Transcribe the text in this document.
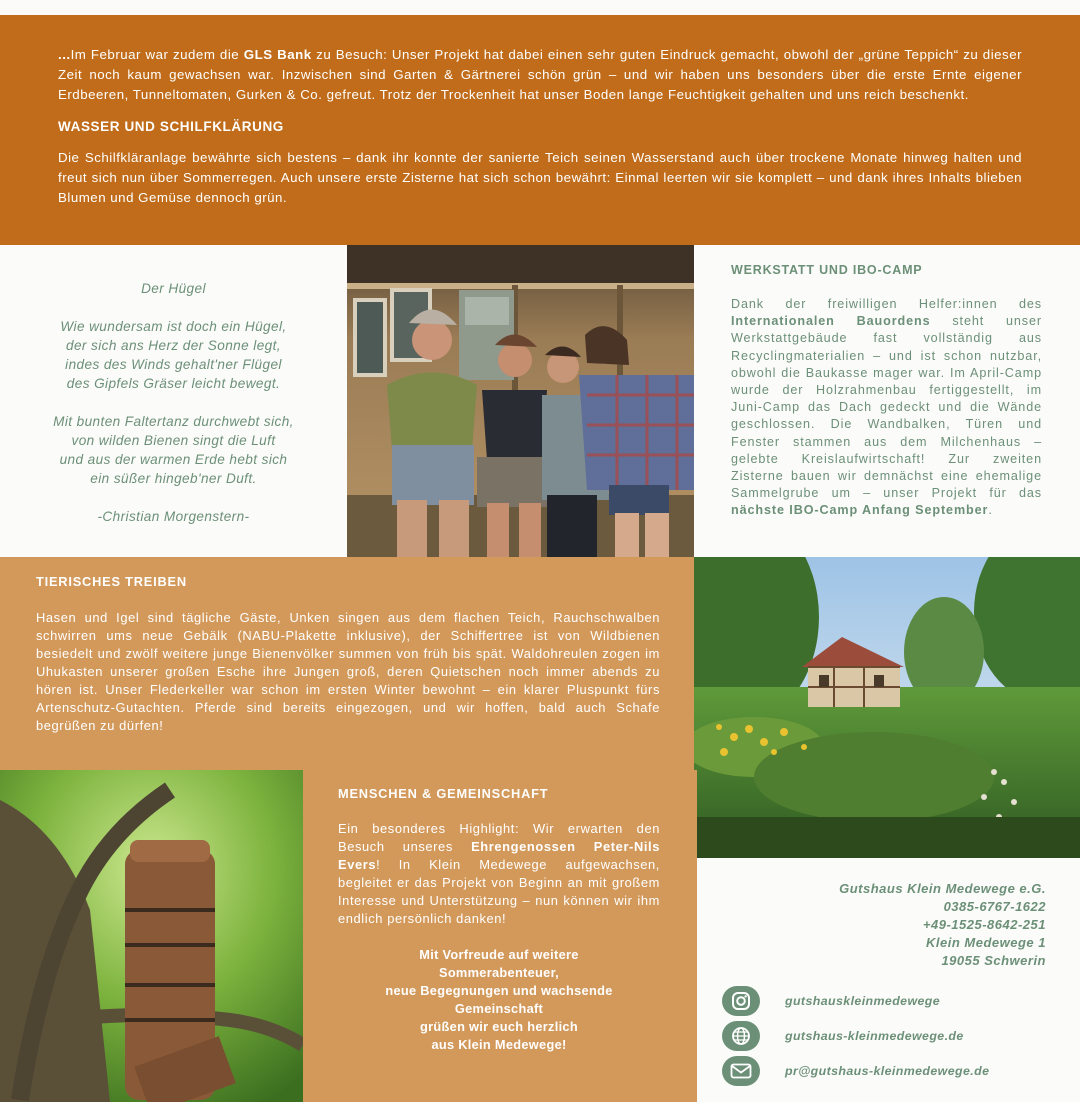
...Im Februar war zudem die GLS Bank zu Besuch: Unser Projekt hat dabei einen sehr guten Eindruck gemacht, obwohl der „grüne Teppich“ zu dieser Zeit noch kaum gewachsen war. Inzwischen sind Garten & Gärtnerei schön grün – und wir haben uns besonders über die erste Ernte eigener Erdbeeren, Tunneltomaten, Gurken & Co. gefreut. Trotz der Trockenheit hat unser Boden lange Feuchtigkeit gehalten und uns reich beschenkt.

WASSER UND SCHILFKLÄRUNG

Die Schilfkläranlage bewährte sich bestens – dank ihr konnte der sanierte Teich seinen Wasserstand auch über trockene Monate hinweg halten und freut sich nun über Sommerregen. Auch unsere erste Zisterne hat sich schon bewährt: Einmal leerten wir sie komplett – und dank ihres Inhalts blieben Blumen und Gemüse dennoch grün.

Der Hügel
Wie wundersam ist doch ein Hügel,
der sich ans Herz der Sonne legt,
indes des Winds gehalt'ner Flügel
des Gipfels Gräser leicht bewegt.
Mit bunten Faltertanz durchwebt sich,
von wilden Bienen singt die Luft
und aus der warmen Erde hebt sich
ein süßer hingeb'ner Duft.
-Christian Morgenstern-
WERKSTATT UND IBO-CAMP

Dank der freiwilligen Helfer:innen des Internationalen Bauordens steht unser Werkstattgebäude fast vollständig aus Recyclingmaterialien – und ist schon nutzbar, obwohl die Baukasse mager war. Im April-Camp wurde der Holzrahmenbau fertiggestellt, im Juni-Camp das Dach gedeckt und die Wände geschlossen. Die Wandbalken, Türen und Fenster stammen aus dem Milchenhaus – gelebte Kreislaufwirtschaft! Zur zweiten Zisterne bauen wir demnächst eine ehemalige Sammelgrube um – unser Projekt für das nächste IBO-Camp Anfang September.

TIERISCHES TREIBEN

Hasen und Igel sind tägliche Gäste, Unken singen aus dem flachen Teich, Rauchschwalben schwirren ums neue Gebälk (NABU-Plakette inklusive), der Schiffertree ist von Wildbienen besiedelt und zwölf weitere junge Bienenvölker summen von früh bis spät. Waldohreulen zogen im Uhukasten unserer großen Esche ihre Jungen groß, deren Quietschen noch immer abends zu hören ist. Unser Flederkeller war schon im ersten Winter bewohnt – ein klarer Pluspunkt fürs Artenschutz-Gutachten. Pferde sind bereits eingezogen, und wir hoffen, bald auch Schafe begrüßen zu dürfen!

MENSCHEN & GEMEINSCHAFT

Ein besonderes Highlight: Wir erwarten den Besuch unseres Ehrengenossen Peter-Nils Evers! In Klein Medewege aufgewachsen, begleitet er das Projekt von Beginn an mit großem Interesse und Unterstützung – nun können wir ihm endlich persönlich danken!

Mit Vorfreude auf weitere
Sommerabenteuer,
neue Begegnungen und wachsende
Gemeinschaft
grüßen wir euch herzlich
aus Klein Medewege!
Gutshaus Klein Medewege e.G.
0385-6767-1622
+49-1525-8642-251
Klein Medewege 1
19055 Schwerin
gutshauskleinmedewege
gutshaus-kleinmedewege.de
pr@gutshaus-kleinmedewege.de
